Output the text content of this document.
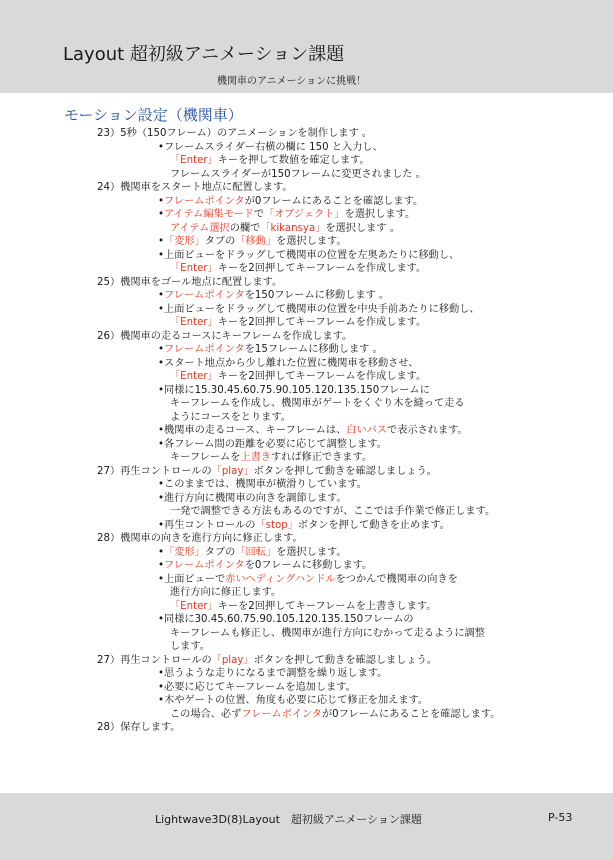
Layout 超初級アニメーション課題
機関車のアニメーションに挑戦！
モーション設定（機関車）
23）5秒（150フレーム）のアニメーションを制作します 。
•フレームスライダー右横の欄に 150 と入力し、
「Enter」キーを押して数値を確定します。
フレームスライダーが150フレームに変更されました 。
24）機関車をスタート地点に配置します。
•フレームポインタが0フレームにあることを確認します。
•アイテム編集モードで「オブジェクト」を選択します。
アイテム選択の欄で「kikansya」を選択します 。
•「変形」タブの「移動」を選択します。
•上面ビューをドラッグして機関車の位置を左奥あたりに移動し、
「Enter」キーを2回押してキーフレームを作成します。
25）機関車をゴール地点に配置します。
•フレームポインタを150フレームに移動します 。
•上面ビューをドラッグして機関車の位置を中央手前あたりに移動し、
「Enter」キーを2回押してキーフレームを作成します。
26）機関車の走るコースにキーフレームを作成します。
•フレームポインタを15フレームに移動します 。
•スタート地点から少し離れた位置に機関車を移動させ、
「Enter」キーを2回押してキーフレームを作成します。
•同様に15.30.45.60.75.90.105.120.135.150フレームに
キーフレームを作成し、機関車がゲートをくぐり木を縫って走る
ようにコースをとります。
•機関車の走るコース、キーフレームは、白いパスで表示されます。
•各フレーム間の距離を必要に応じて調整します。
キーフレームを上書きすれば修正できます。
27）再生コントロールの「play」ボタンを押して動きを確認しましょう。
•このままでは、機関車が横滑りしています。
•進行方向に機関車の向きを調節します。
一発で調整できる方法もあるのですが、ここでは手作業で修正します。
•再生コントロールの「stop」ボタンを押して動きを止めます。
28）機関車の向きを進行方向に修正します。
•「変形」タブの「回転」を選択します。
•フレームポインタを0フレームに移動します。
•上面ビューで赤いヘディングハンドルをつかんで機関車の向きを
進行方向に修正します。
「Enter」キーを2回押してキーフレームを上書きします。
•同様に30.45.60.75.90.105.120.135.150フレームの
キーフレームも修正し、機関車が進行方向にむかって走るように調整
します。
27）再生コントロールの「play」ボタンを押して動きを確認しましょう。
•思うような走りになるまで調整を繰り返します。
•必要に応じてキーフレームを追加します。
•木やゲートの位置、角度も必要に応じて修正を加えます。
この場合、必ずフレームポインタが0フレームにあることを確認します。
28）保存します。
Lightwave3D(8)Layout　超初級アニメーション課題	P-53
